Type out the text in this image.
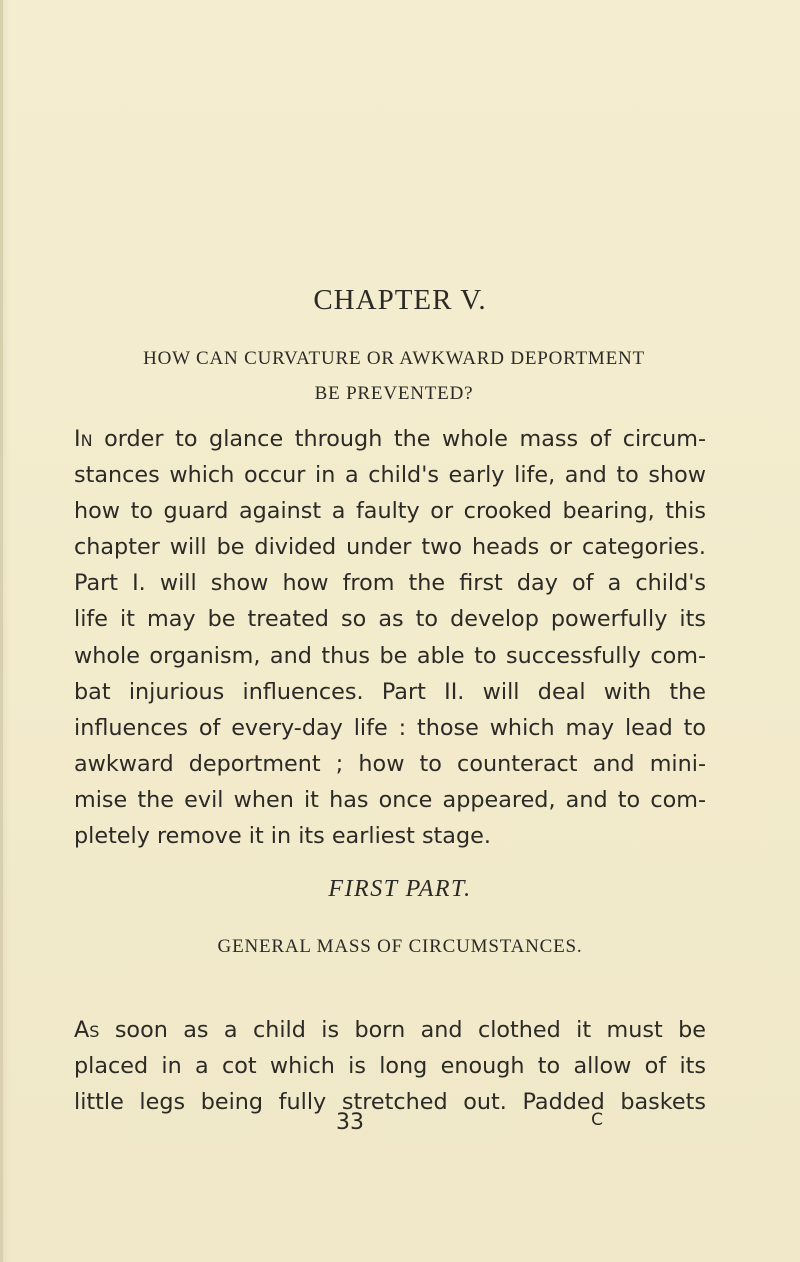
CHAPTER V.
HOW CAN CURVATURE OR AWKWARD DEPORTMENT
BE PREVENTED?
In order to glance through the whole mass of circum-
stances which occur in a child's early life, and to show
how to guard against a faulty or crooked bearing, this
chapter will be divided under two heads or categories.
Part I. will show how from the first day of a child's
life it may be treated so as to develop powerfully its
whole organism, and thus be able to successfully com-
bat injurious influences. Part II. will deal with the
influences of every-day life : those which may lead to
awkward deportment ; how to counteract and mini-
mise the evil when it has once appeared, and to com-
pletely remove it in its earliest stage.
FIRST PART.
GENERAL MASS OF CIRCUMSTANCES.
As soon as a child is born and clothed it must be
placed in a cot which is long enough to allow of its
little legs being fully stretched out. Padded baskets
33	C
